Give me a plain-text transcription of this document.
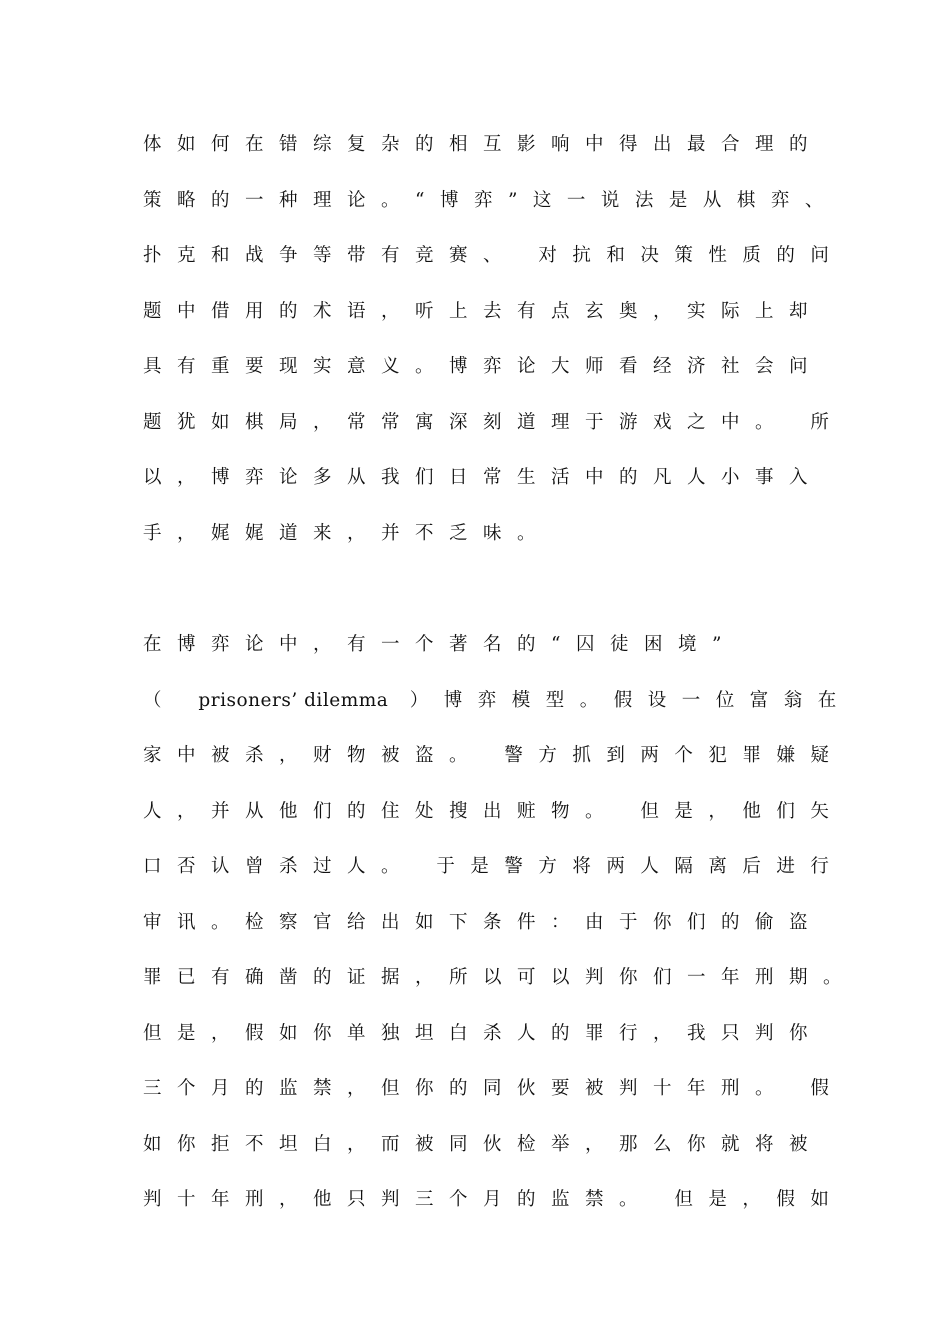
体如何在错综复杂的相互影响中得出最合理的
策略的一种理论。“博弈”这一说法是从棋弈、
扑克和战争等带有竞赛、 对抗和决策性质的问
题中借用的术语，听上去有点玄奥，实际上却
具有重要现实意义。博弈论大师看经济社会问
题犹如棋局，常常寓深刻道理于游戏之中。 所
以，博弈论多从我们日常生活中的凡人小事入
手，娓娓道来，并不乏味。
在博弈论中，有一个著名的“囚徒困境”
（ prisoners’ dilemma ）博弈模型。假设一位富翁在
家中被杀，财物被盗。 警方抓到两个犯罪嫌疑
人，并从他们的住处搜出赃物。 但是，他们矢
口否认曾杀过人。 于是警方将两人隔离后进行
审讯。检察官给出如下条件：由于你们的偷盗
罪已有确凿的证据，所以可以判你们一年刑期。
但是，假如你单独坦白杀人的罪行，我只判你
三个月的监禁，但你的同伙要被判十年刑。 假
如你拒不坦白，而被同伙检举，那么你就将被
判十年刑，他只判三个月的监禁。 但是，假如
